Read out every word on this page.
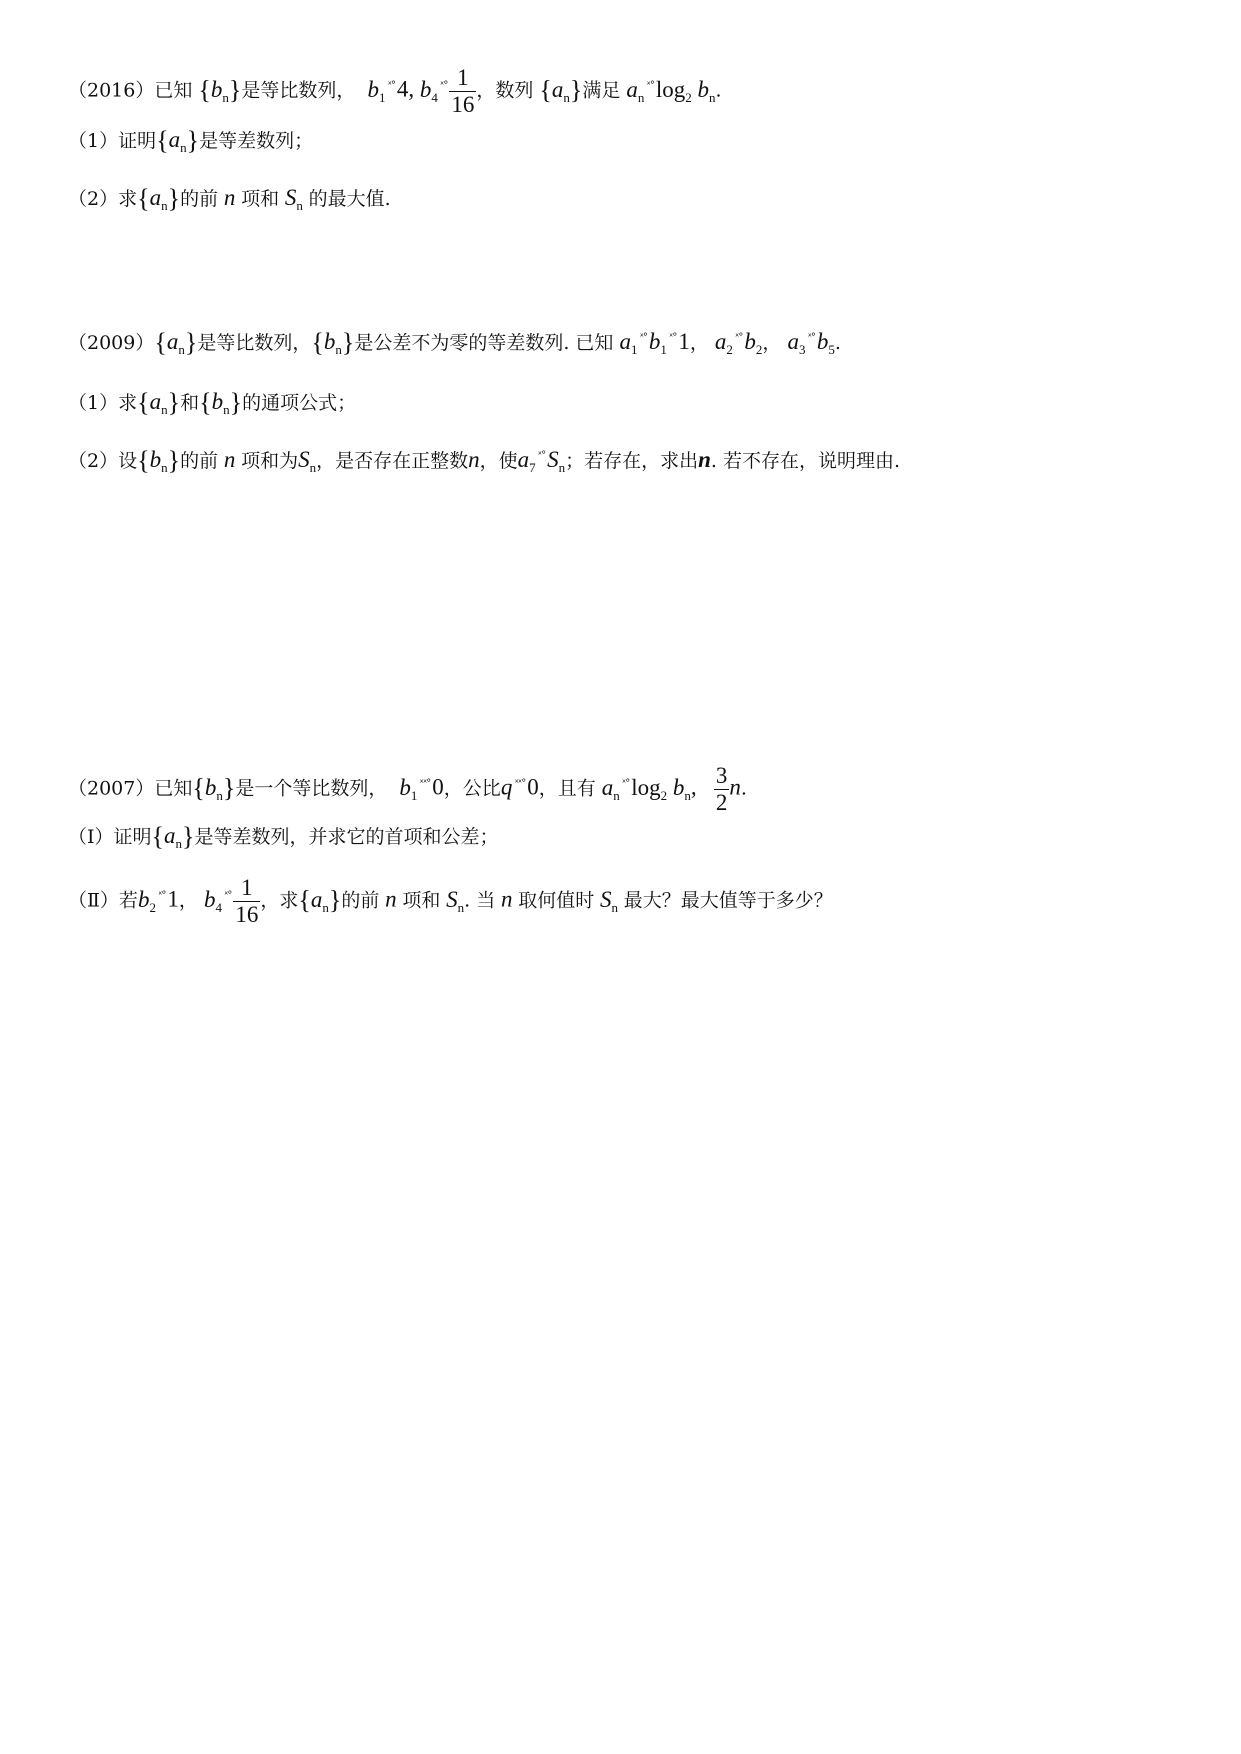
（2016）已知 $\{b_n\}$是等比数列， $b_1^{ˣ^\circ}4$, $b_4^{ˣ^\circ} \frac{1}{16}$ ，数列 $\{a_n\}$满足 $a_n^{ˣ^\circ}\log_2$ $b_n$.
（1）证明$\{a_n\}$是等差数列；
（2）求$\{a_n\}$的前 n 项和 $S_n$ 的最大值.
$(2009)\{a_n\}$是等比数列，$\{b_n\}$是公差不为零的等差数列. 已知 $a_1^{ˣ^\circ}b_1^{ˣ^\circ}1$， $a_2^{ˣ^\circ}b_2$， $a_3^{ˣ^\circ}b_5$.
（1）求$\{a_n\}$和$\{b_n\}$的通项公式；
（2）设$\{b_n\}$的前 n 项和为$S_n$，是否存在正整数n，使$a_7^{ˣ^\circ}S_n$；若存在，求出n. 若不存在，说明理由.
（2007）已知$\{b_n\}$是一个等比数列， $b_1^{ˣˣ^\circ}0$，公比q $^{ˣˣ^\circ}$0，且有 $a_n^{ˣ^\circ}\log_2$ $b_n$, $\frac{3}{2} n$.
（Ⅰ）证明$\{a_n\}$是等差数列，并求它的首项和公差；
（Ⅱ）若$b_2^{ˣ^\circ}1$， $b_4^{ˣ^\circ} \frac{1}{16}$ ，求$\{a_n\}$的前 n 项和 $S_n$. 当 n 取何值时 $S_n$ 最大？最大值等于多少？
